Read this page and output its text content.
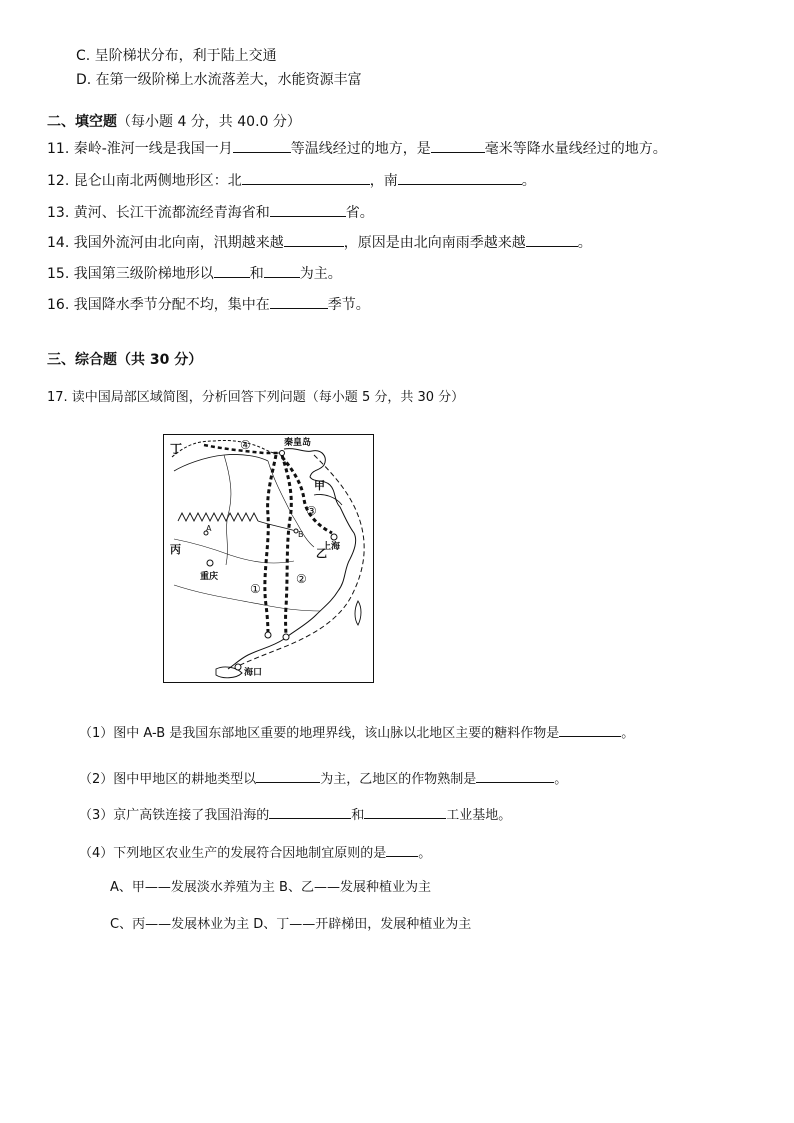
C. 呈阶梯状分布，利于陆上交通
D. 在第一级阶梯上水流落差大，水能资源丰富
二、填空题（每小题 4 分，共 40.0 分）
11. 秦岭-淮河一线是我国一月	等温线经过的地方，是	毫米等降水量线经过的地方。
12. 昆仑山南北两侧地形区：北	，南	。
13. 黄河、长江干流都流经青海省和	省。
14. 我国外流河由北向南，汛期越来越	，原因是由北向南雨季越来越	。
15. 我国第三级阶梯地形以	和	为主。
16. 我国降水季节分配不均，集中在	季节。
三、综合题（共 30 分）
17. 读中国局部区域简图，分析回答下列问题（每小题 5 分，共 30 分）
丁
丙
甲
乙
A
B
秦皇岛
上海
重庆
海口
①
②
③
④
（1）图中 A-B 是我国东部地区重要的地理界线，该山脉以北地区主要的糖料作物是	。
（2）图中甲地区的耕地类型以	为主，乙地区的作物熟制是	。
（3）京广高铁连接了我国沿海的	和	工业基地。
（4）下列地区农业生产的发展符合因地制宜原则的是 。
A、甲——发展淡水养殖为主 B、乙——发展种植业为主
C、丙——发展林业为主 D、丁——开辟梯田，发展种植业为主
